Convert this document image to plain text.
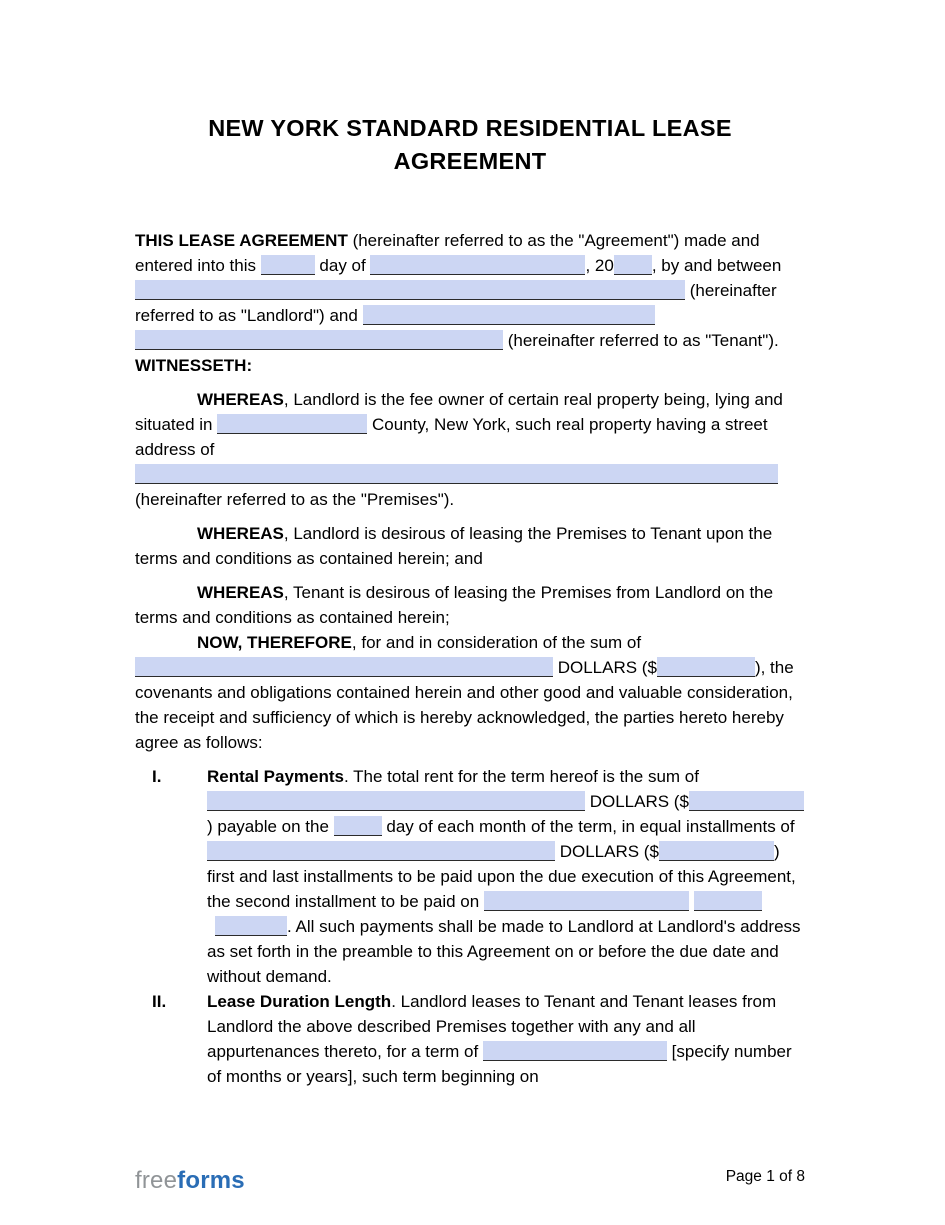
NEW YORK STANDARD RESIDENTIAL LEASE
AGREEMENT

THIS LEASE AGREEMENT (hereinafter referred to as the "Agreement") made and entered into this	day of	, 20 , by and between  (hereinafter referred to as "Landlord") and   (hereinafter referred to as "Tenant").

WITNESSETH:

WHEREAS, Landlord is the fee owner of certain real property being, lying and situated in	County, New York, such real property having a street address of (hereinafter referred to as the "Premises").

WHEREAS, Landlord is desirous of leasing the Premises to Tenant upon the terms and conditions as contained herein; and

WHEREAS, Tenant is desirous of leasing the Premises from Landlord on the terms and conditions as contained herein;

NOW, THEREFORE, for and in consideration of the sum of  DOLLARS ($	), the covenants and obligations contained herein and other good and valuable consideration, the receipt and sufficiency of which is hereby acknowledged, the parties hereto hereby agree as follows:

I.	Rental Payments. The total rent for the term hereof is the sum of  DOLLARS ($) payable on the	day of each month of the term, in equal installments of  DOLLARS ($	) first and last installments to be paid upon the due execution of this Agreement, the second installment to be paid on  . All such payments shall be made to Landlord at Landlord's address as set forth in the preamble to this Agreement on or before the due date and without demand.
II.	Lease Duration Length. Landlord leases to Tenant and Tenant leases from Landlord the above described Premises together with any and all appurtenances thereto, for a term of	[specify number of months or years], such term beginning on
freeforms	Page 1 of 8
